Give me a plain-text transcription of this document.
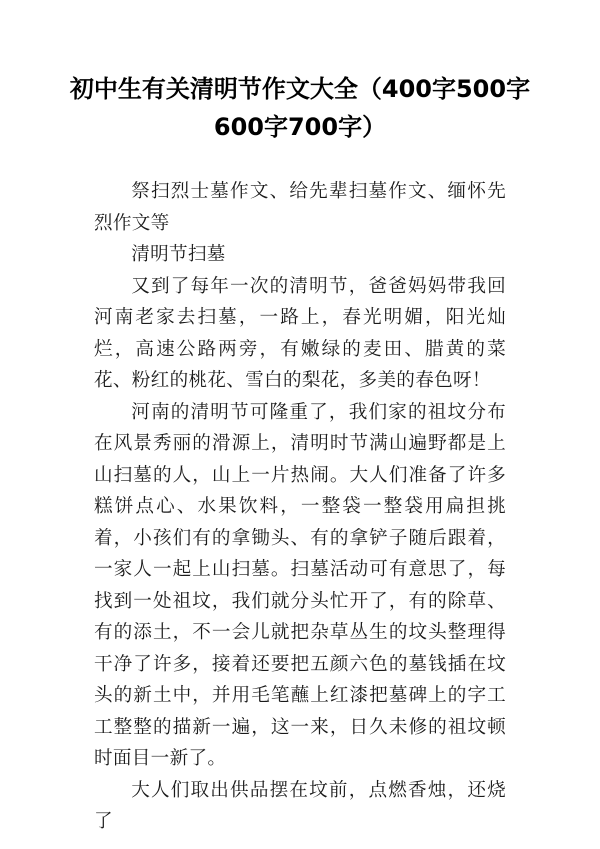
初中生有关清明节作文大全（400字500字600字700字）

祭扫烈士墓作文、给先辈扫墓作文、缅怀先烈作文等

清明节扫墓

又到了每年一次的清明节，爸爸妈妈带我回河南老家去扫墓，一路上，春光明媚，阳光灿烂，高速公路两旁，有嫩绿的麦田、腊黄的菜花、粉红的桃花、雪白的梨花，多美的春色呀！

河南的清明节可隆重了，我们家的祖坟分布在风景秀丽的滑源上，清明时节满山遍野都是上山扫墓的人，山上一片热闹。大人们准备了许多糕饼点心、水果饮料，一整袋一整袋用扁担挑着，小孩们有的拿锄头、有的拿铲子随后跟着，一家人一起上山扫墓。扫墓活动可有意思了，每找到一处祖坟，我们就分头忙开了，有的除草、有的添土，不一会儿就把杂草丛生的坟头整理得干净了许多，接着还要把五颜六色的墓钱插在坟头的新土中，并用毛笔蘸上红漆把墓碑上的字工工整整的描新一遍，这一来，日久未修的祖坟顿时面目一新了。

大人们取出供品摆在坟前，点燃香烛，还烧了
